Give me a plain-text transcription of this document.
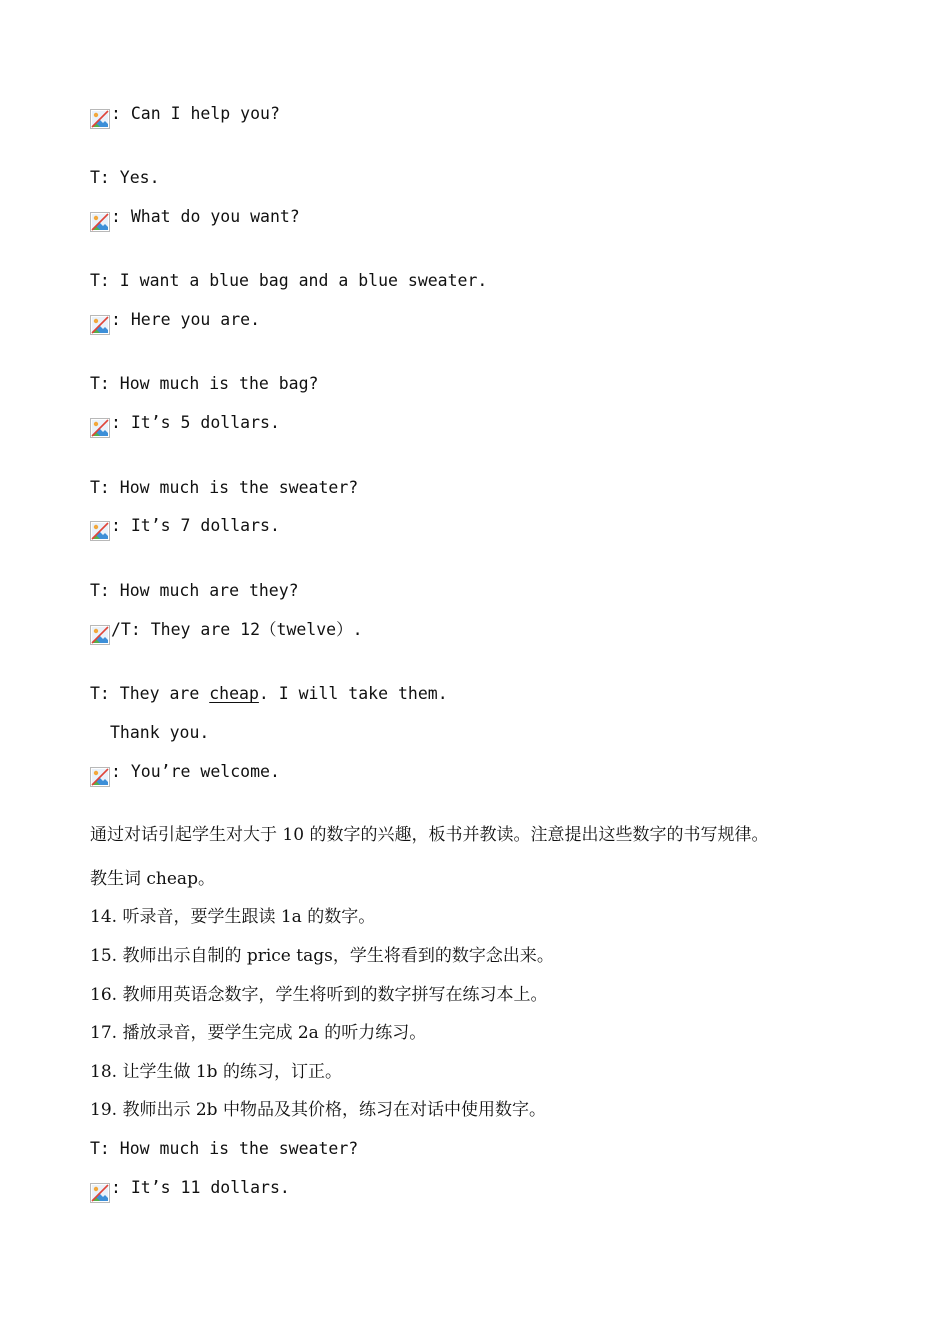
: Can I help you?
T: Yes.
: What do you want?
T: I want a blue bag and a blue sweater.
: Here you are.
T: How much is the bag?
: It’s 5 dollars.
T: How much is the sweater?
: It’s 7 dollars.
T: How much are they?
/T: They are 12（twelve）.
T: They are cheap. I will take them.
Thank you.
: You’re welcome.
通过对话引起学生对大于 10 的数字的兴趣，板书并教读。注意提出这些数字的书写规律。
教生词 cheap。
14. 听录音，要学生跟读 1a 的数字。
15. 教师出示自制的 price tags，学生将看到的数字念出来。
16. 教师用英语念数字，学生将听到的数字拼写在练习本上。
17. 播放录音，要学生完成 2a 的听力练习。
18. 让学生做 1b 的练习，订正。
19. 教师出示 2b 中物品及其价格，练习在对话中使用数字。
T: How much is the sweater?
: It’s 11 dollars.
